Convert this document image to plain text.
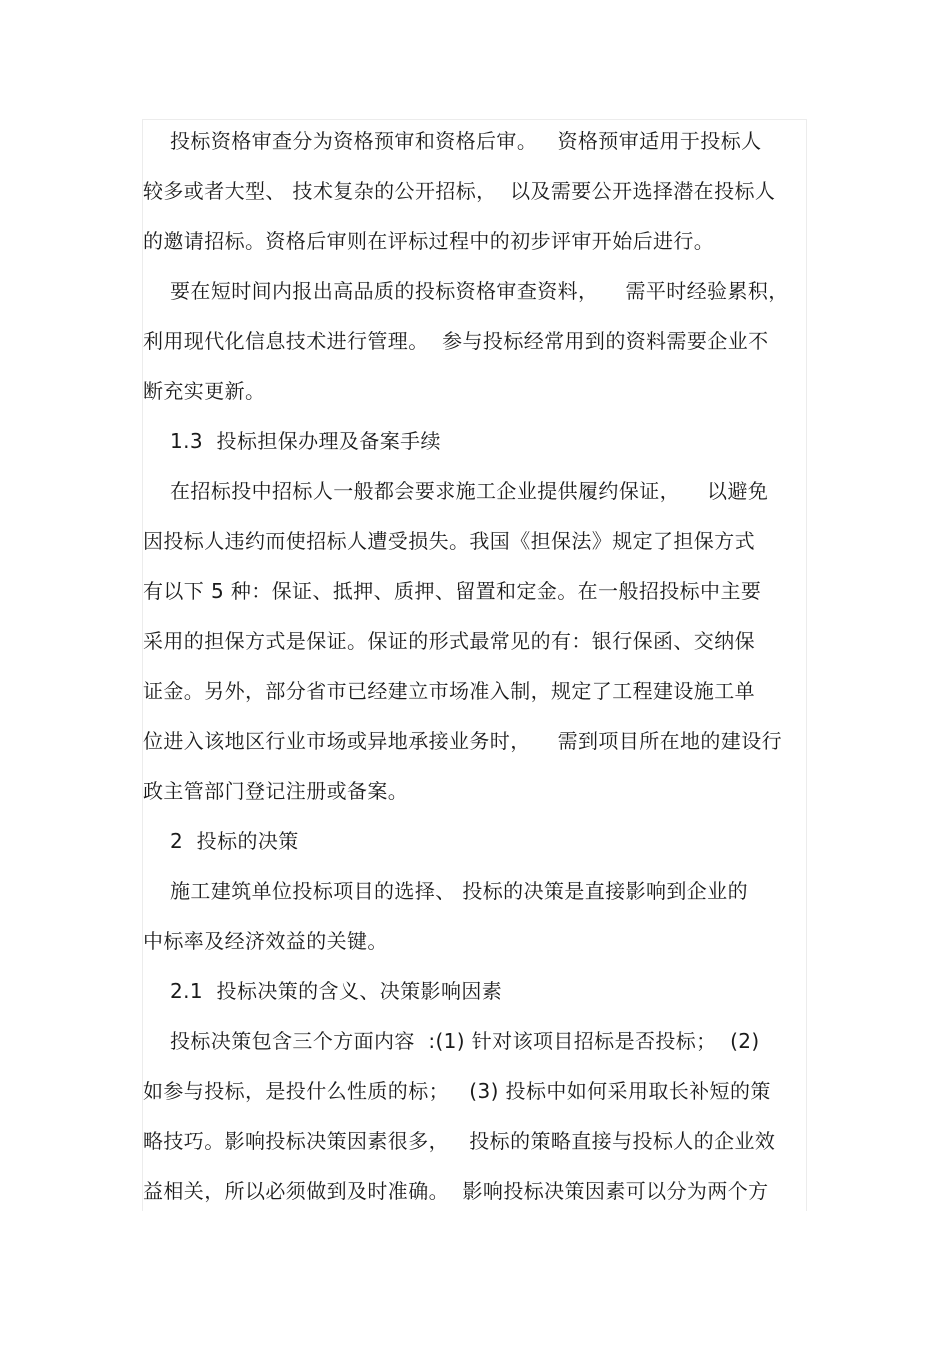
投标资格审查分为资格预审和资格后审。   资格预审适用于投标人
较多或者大型、 技术复杂的公开招标，  以及需要公开选择潜在投标人
的邀请招标。资格后审则在评标过程中的初步评审开始后进行。
要在短时间内报出高品质的投标资格审查资料，    需平时经验累积，
利用现代化信息技术进行管理。  参与投标经常用到的资料需要企业不
断充实更新。
1.3  投标担保办理及备案手续
在招标投中招标人一般都会要求施工企业提供履约保证，    以避免
因投标人违约而使招标人遭受损失。我国《担保法》规定了担保方式
有以下 5 种：保证、抵押、质押、留置和定金。在一般招投标中主要
采用的担保方式是保证。保证的形式最常见的有：银行保函、交纳保
证金。另外，部分省市已经建立市场准入制，规定了工程建设施工单
位进入该地区行业市场或异地承接业务时，    需到项目所在地的建设行
政主管部门登记注册或备案。
2  投标的决策
施工建筑单位投标项目的选择、 投标的决策是直接影响到企业的
中标率及经济效益的关键。
2.1  投标决策的含义、决策影响因素
投标决策包含三个方面内容  :(1) 针对该项目招标是否投标；  (2)
如参与投标，是投什么性质的标；   (3) 投标中如何采用取长补短的策
略技巧。影响投标决策因素很多，   投标的策略直接与投标人的企业效
益相关，所以必须做到及时准确。  影响投标决策因素可以分为两个方
